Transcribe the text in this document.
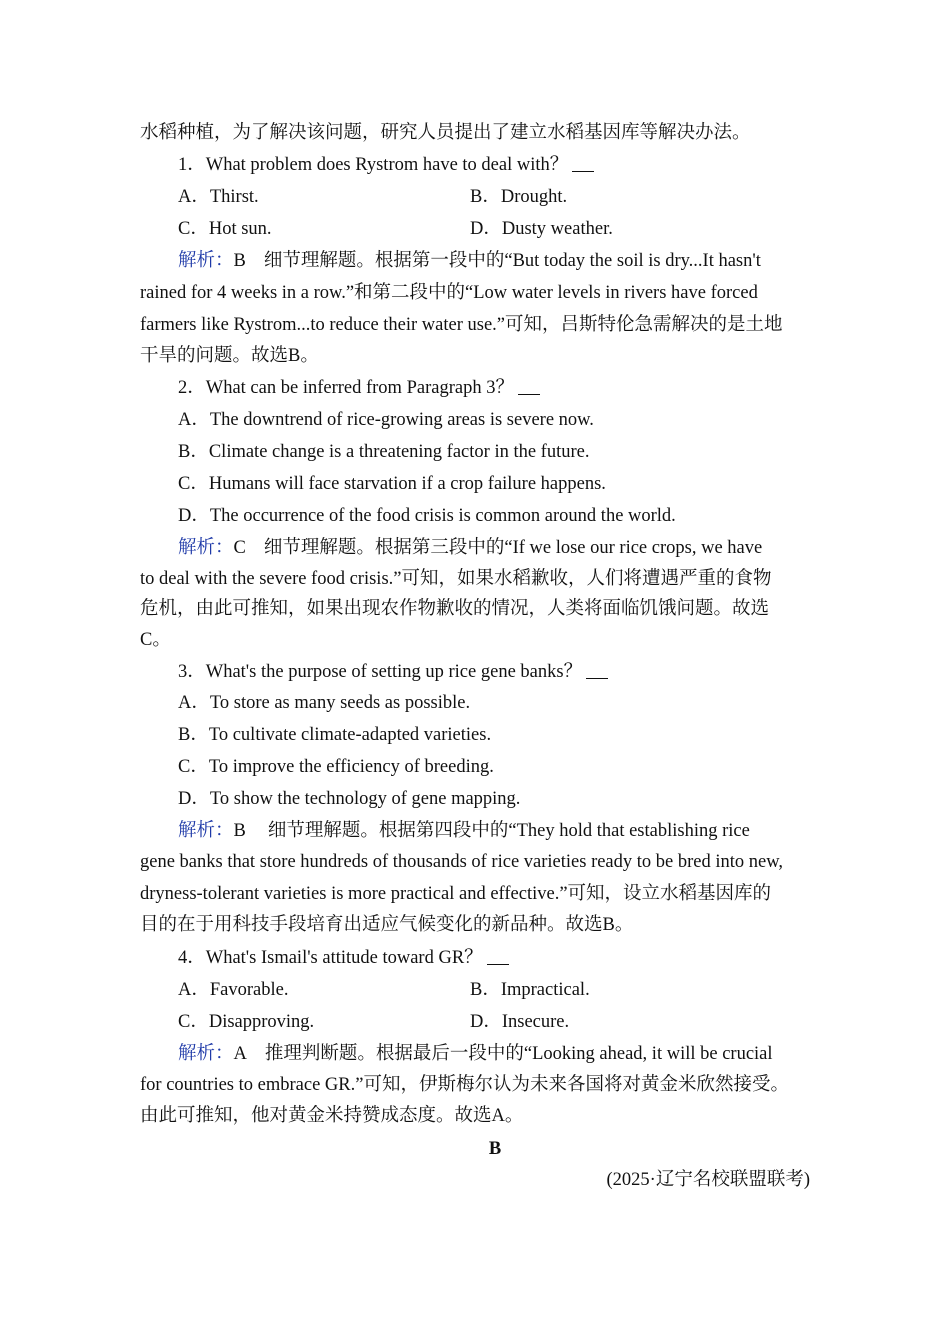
水稻种植，为了解决该问题，研究人员提出了建立水稻基因库等解决办法。
1．What problem does Rystrom have to deal with？
A．Thirst.	B．Drought.
C．Hot sun.	D．Dusty weather.
解析：B 细节理解题。根据第一段中的“But today the soil is dry...It hasn't
rained for 4 weeks in a row.”和第二段中的“Low water levels in rivers have forced
farmers like Rystrom...to reduce their water use.”可知，吕斯特伦急需解决的是土地
干旱的问题。故选B。
2．What can be inferred from Paragraph 3？
A．The downtrend of rice-growing areas is severe now.
B．Climate change is a threatening factor in the future.
C．Humans will face starvation if a crop failure happens.
D．The occurrence of the food crisis is common around the world.
解析：C 细节理解题。根据第三段中的“If we lose our rice crops, we have
to deal with the severe food crisis.”可知，如果水稻歉收，人们将遭遇严重的食物
危机，由此可推知，如果出现农作物歉收的情况，人类将面临饥饿问题。故选
C。
3．What's the purpose of setting up rice gene banks？
A．To store as many seeds as possible.
B．To cultivate climate-adapted varieties.
C．To improve the efficiency of breeding.
D．To show the technology of gene mapping.
解析：B 细节理解题。根据第四段中的“They hold that establishing rice
gene banks that store hundreds of thousands of rice varieties ready to be bred into new,
dryness-tolerant varieties is more practical and effective.”可知，设立水稻基因库的
目的在于用科技手段培育出适应气候变化的新品种。故选B。
4．What's Ismail's attitude toward GR？
A．Favorable.	B．Impractical.
C．Disapproving.	D．Insecure.
解析：A 推理判断题。根据最后一段中的“Looking ahead, it will be crucial
for countries to embrace GR.”可知，伊斯梅尔认为未来各国将对黄金米欣然接受。
由此可推知，他对黄金米持赞成态度。故选A。
B
(2025·辽宁名校联盟联考)
